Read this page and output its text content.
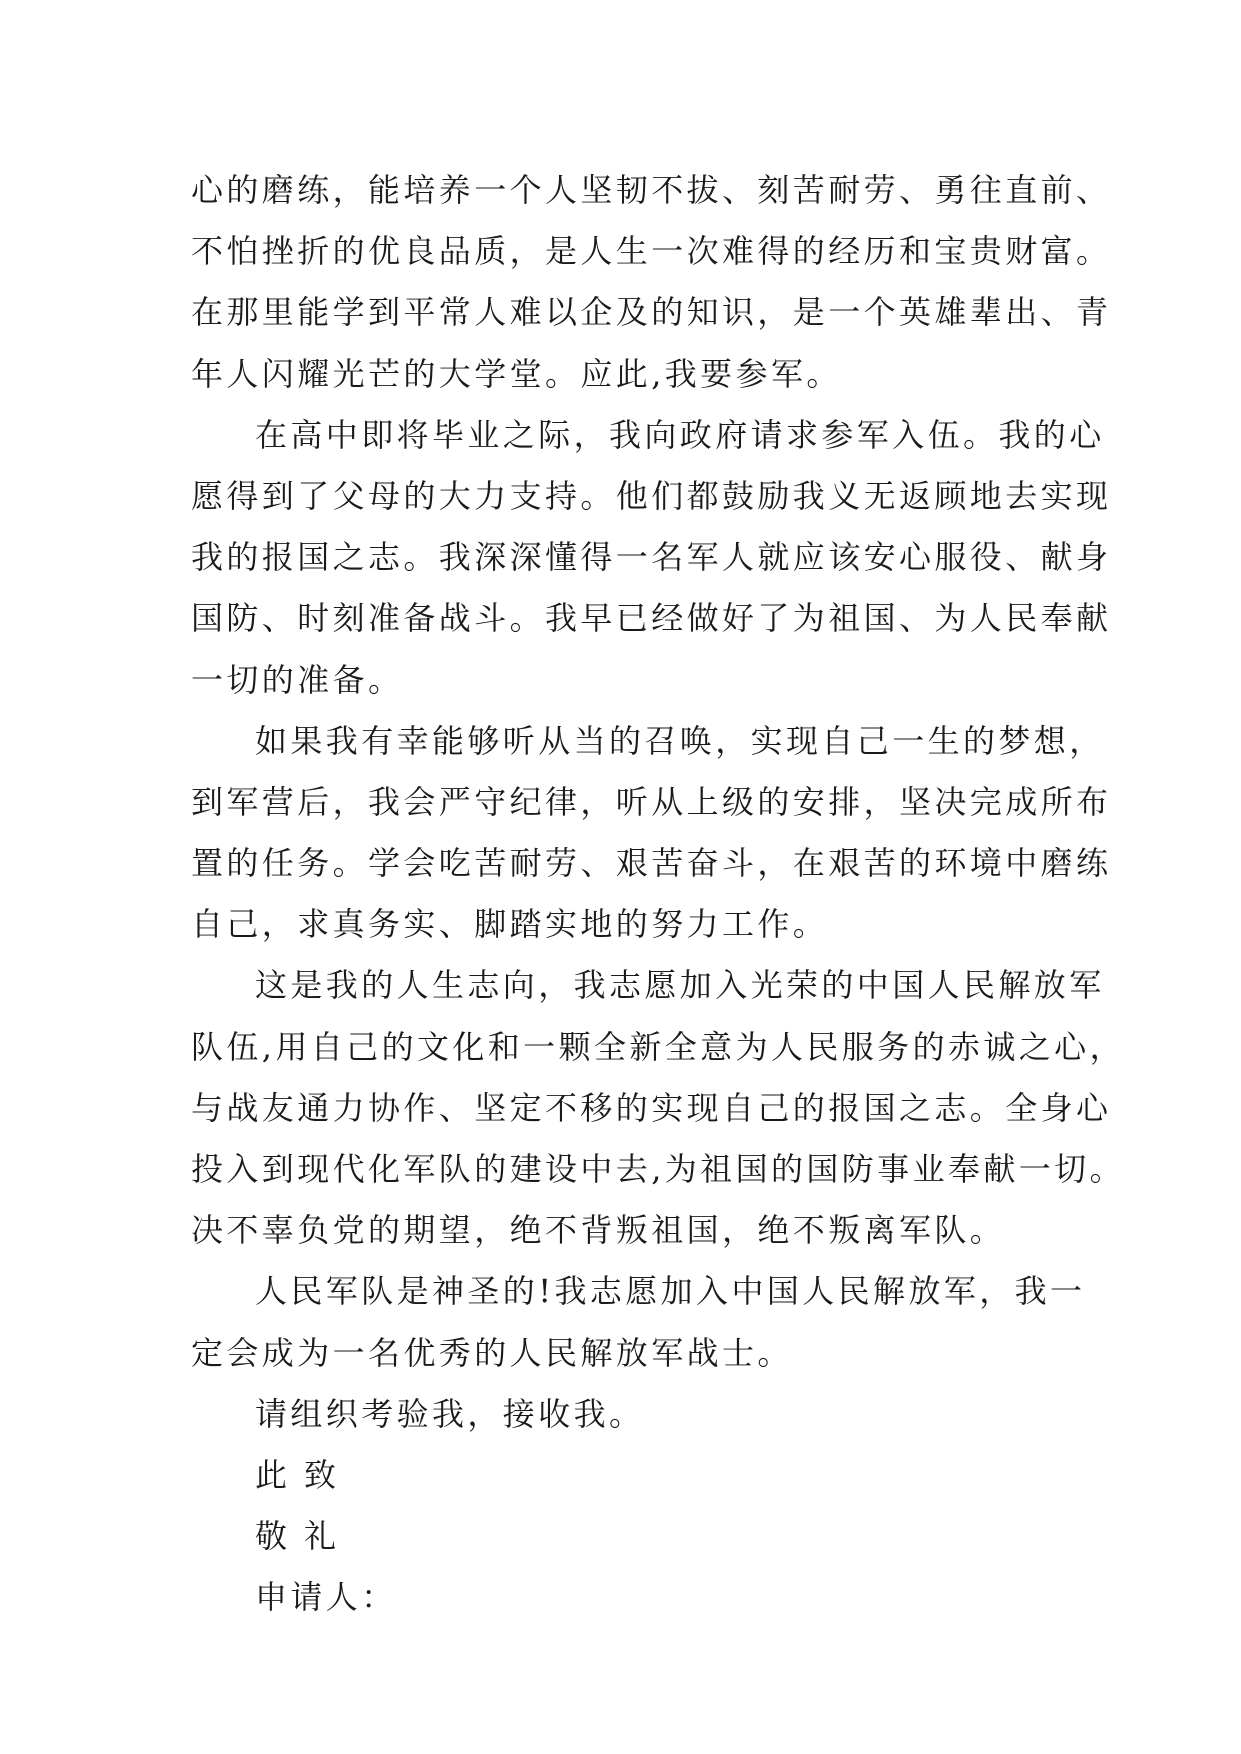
心的磨练，能培养一个人坚韧不拔、刻苦耐劳、勇往直前、
不怕挫折的优良品质，是人生一次难得的经历和宝贵财富。
在那里能学到平常人难以企及的知识，是一个英雄辈出、青
年人闪耀光芒的大学堂。应此,我要参军。
在高中即将毕业之际，我向政府请求参军入伍。我的心
愿得到了父母的大力支持。他们都鼓励我义无返顾地去实现
我的报国之志。我深深懂得一名军人就应该安心服役、献身
国防、时刻准备战斗。我早已经做好了为祖国、为人民奉献
一切的准备。
如果我有幸能够听从当的召唤，实现自己一生的梦想，
到军营后，我会严守纪律，听从上级的安排，坚决完成所布
置的任务。学会吃苦耐劳、艰苦奋斗，在艰苦的环境中磨练
自己，求真务实、脚踏实地的努力工作。
这是我的人生志向，我志愿加入光荣的中国人民解放军
队伍,用自己的文化和一颗全新全意为人民服务的赤诚之心，
与战友通力协作、坚定不移的实现自己的报国之志。全身心
投入到现代化军队的建设中去,为祖国的国防事业奉献一切。
决不辜负党的期望，绝不背叛祖国，绝不叛离军队。
人民军队是神圣的!我志愿加入中国人民解放军，我一
定会成为一名优秀的人民解放军战士。
请组织考验我，接收我。
此 致
敬 礼
申请人：
